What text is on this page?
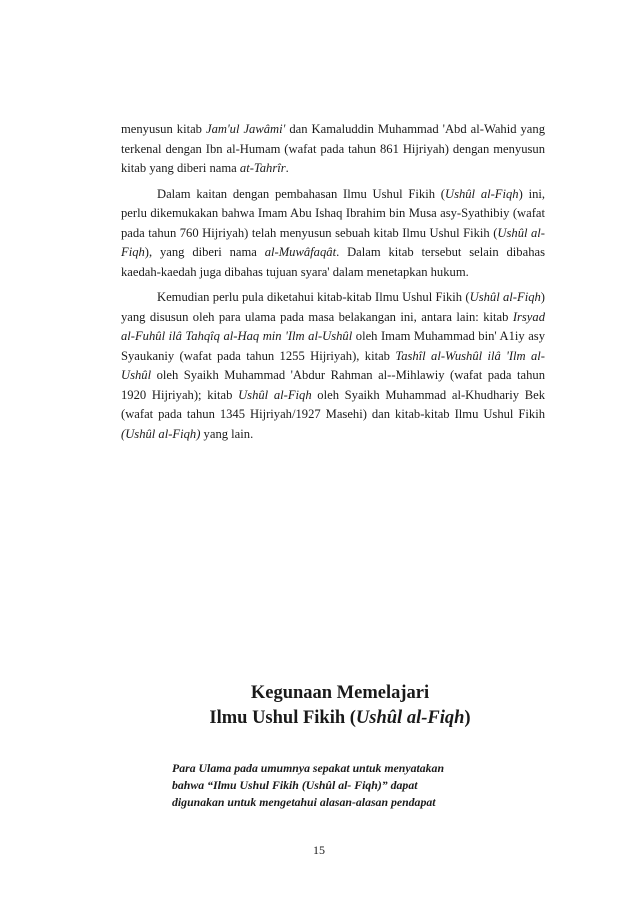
menyusun kitab Jam'ul Jawâmi' dan Kamaluddin Muhammad 'Abd al-Wahid yang terkenal dengan Ibn al-Humam (wafat pada tahun 861 Hijriyah) dengan menyusun kitab yang diberi nama at-Tahrîr.

Dalam kaitan dengan pembahasan Ilmu Ushul Fikih (Ushûl al-Fiqh) ini, perlu dikemukakan bahwa Imam Abu Ishaq Ibrahim bin Musa asy-Syathibiy (wafat pada tahun 760 Hijriyah) telah menyusun sebuah kitab Ilmu Ushul Fikih (Ushûl al-Fiqh), yang diberi nama al-Muwâfaqât. Dalam kitab tersebut selain dibahas kaedah-kaedah juga dibahas tujuan syara' dalam menetapkan hukum.

Kemudian perlu pula diketahui kitab-kitab Ilmu Ushul Fikih (Ushûl al-Fiqh) yang disusun oleh para ulama pada masa belakangan ini, antara lain: kitab Irsyad al-Fuhûl ilâ Tahqîq al-Haq min 'Ilm al-Ushûl oleh Imam Muhammad bin' A1iy asy Syaukaniy (wafat pada tahun 1255 Hijriyah), kitab Tashîl al-Wushûl ilâ 'Ilm al-Ushûl oleh Syaikh Muhammad 'Abdur Rahman al--Mihlawiy (wafat pada tahun 1920 Hijriyah); kitab Ushûl al-Fiqh oleh Syaikh Muhammad al-Khudhariy Bek (wafat pada tahun 1345 Hijriyah/1927 Masehi) dan kitab-kitab Ilmu Ushul Fikih (Ushûl al-Fiqh) yang lain.

Kegunaan Memelajari
Ilmu Ushul Fikih (Ushûl al-Fiqh)
Para Ulama pada umumnya sepakat untuk menyatakan
bahwa “Ilmu Ushul Fikih (Ushûl al- Fiqh)” dapat
digunakan untuk mengetahui alasan-alasan pendapat
15
